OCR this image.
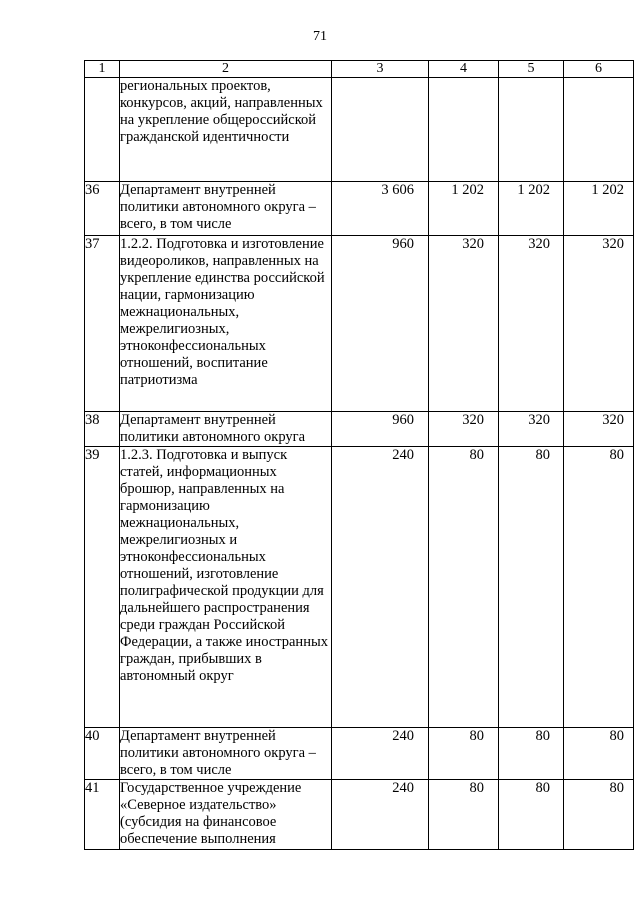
71
1	2	3	4	5	6
	региональных проектов, конкурсов, акций, направленных на укрепление общероссийской гражданской идентичности				
36	Департамент внутренней политики автономного округа – всего, в том числе	3 606	1 202	1 202	1 202
37	1.2.2. Подготовка и изготовление видеороликов, направленных на укрепление единства российской нации, гармонизацию межнациональных, межрелигиозных, этноконфессиональных отношений, воспитание патриотизма	960	320	320	320
38	Департамент внутренней политики автономного округа	960	320	320	320
39	1.2.3. Подготовка и выпуск статей, информационных брошюр, направленных на гармонизацию межнациональных, межрелигиозных и этноконфессиональных отношений, изготовление полиграфической продукции для дальнейшего распространения среди граждан Российской Федерации, а также иностранных граждан, прибывших в автономный округ	240	80	80	80
40	Департамент внутренней политики автономного округа – всего, в том числе	240	80	80	80
41	Государственное учреждение «Северное издательство» (субсидия на финансовое обеспечение выполнения	240	80	80	80
